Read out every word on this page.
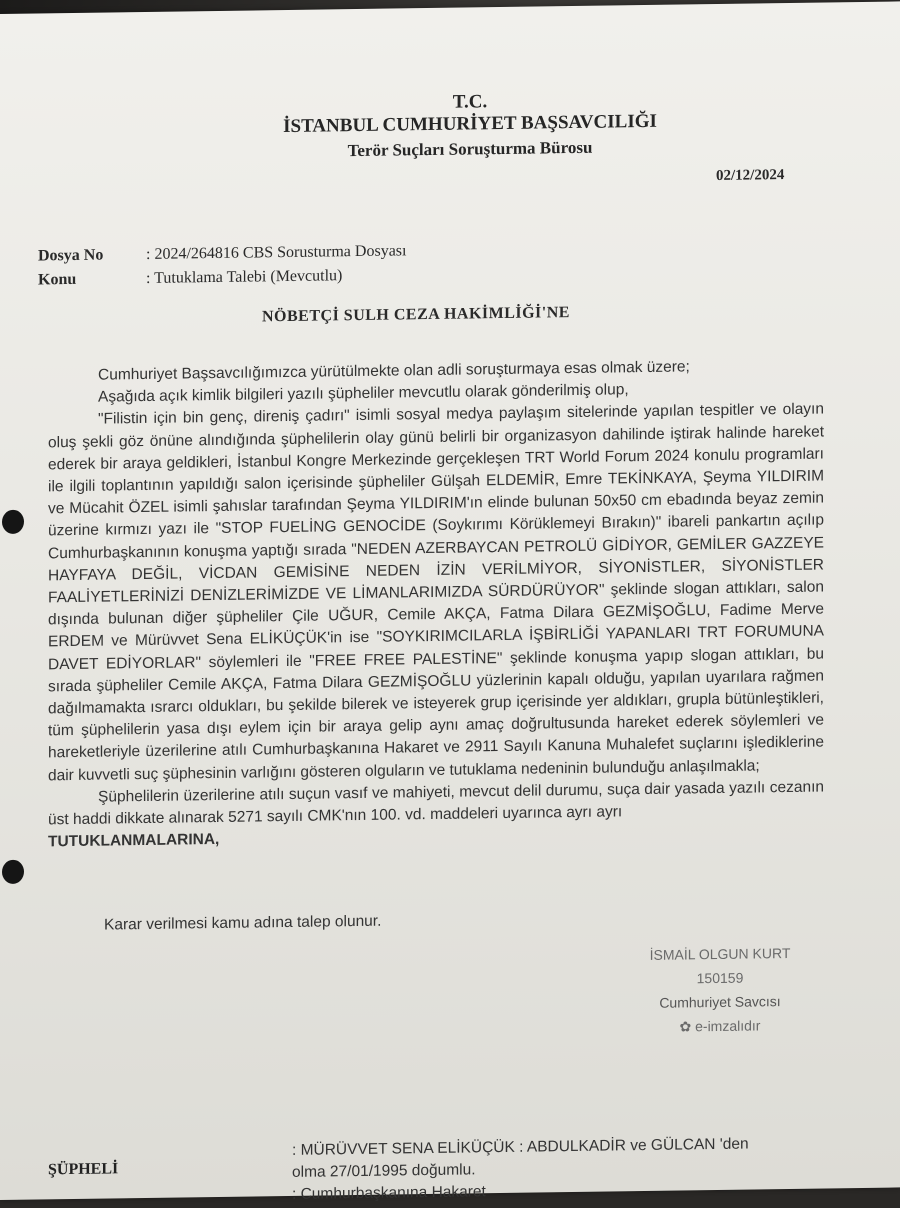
T.C.
İSTANBUL CUMHURİYET BAŞSAVCILIĞI
Terör Suçları Soruşturma Bürosu
02/12/2024
Dosya No	: 2024/264816 CBS Sorusturma Dosyası
Konu	: Tutuklama Talebi (Mevcutlu)
NÖBETÇİ SULH CEZA HAKİMLİĞİ'NE

Cumhuriyet Başsavcılığımızca yürütülmekte olan adli soruşturmaya esas olmak üzere;

Aşağıda açık kimlik bilgileri yazılı şüpheliler mevcutlu olarak gönderilmiş olup,

"Filistin için bin genç, direniş çadırı" isimli sosyal medya paylaşım sitelerinde yapılan tespitler ve olayın oluş şekli göz önüne alındığında şüphelilerin olay günü belirli bir organizasyon dahilinde iştirak halinde hareket ederek bir araya geldikleri, İstanbul Kongre Merkezinde gerçekleşen TRT World Forum 2024 konulu programları ile ilgili toplantının yapıldığı salon içerisinde şüpheliler Gülşah ELDEMİR, Emre TEKİNKAYA, Şeyma YILDIRIM ve Mücahit ÖZEL isimli şahıslar tarafından Şeyma YILDIRIM'ın elinde bulunan 50x50 cm ebadında beyaz zemin üzerine kırmızı yazı ile "STOP FUELİNG GENOCİDE (Soykırımı Körüklemeyi Bırakın)" ibareli pankartın açılıp Cumhurbaşkanının konuşma yaptığı sırada "NEDEN AZERBAYCAN PETROLÜ GİDİYOR, GEMİLER GAZZEYE HAYFAYA DEĞİL, VİCDAN GEMİSİNE NEDEN İZİN VERİLMİYOR, SİYONİSTLER, SİYONİSTLER FAALİYETLERİNİZİ DENİZLERİMİZDE VE LİMANLARIMIZDA SÜRDÜRÜYOR" şeklinde slogan attıkları, salon dışında bulunan diğer şüpheliler Çile UĞUR, Cemile AKÇA, Fatma Dilara GEZMİŞOĞLU, Fadime Merve ERDEM ve Mürüvvet Sena ELİKÜÇÜK'in ise "SOYKIRIMCILARLA İŞBİRLİĞİ YAPANLARI TRT FORUMUNA DAVET EDİYORLAR" söylemleri ile "FREE FREE PALESTİNE" şeklinde konuşma yapıp slogan attıkları, bu sırada şüpheliler Cemile AKÇA, Fatma Dilara GEZMİŞOĞLU yüzlerinin kapalı olduğu, yapılan uyarılara rağmen dağılmamakta ısrarcı oldukları, bu şekilde bilerek ve isteyerek grup içerisinde yer aldıkları, grupla bütünleştikleri, tüm şüphelilerin yasa dışı eylem için bir araya gelip aynı amaç doğrultusunda hareket ederek söylemleri ve hareketleriyle üzerilerine atılı Cumhurbaşkanına Hakaret ve 2911 Sayılı Kanuna Muhalefet suçlarını işlediklerine dair kuvvetli suç şüphesinin varlığını gösteren olguların ve tutuklama nedeninin bulunduğu anlaşılmakla;

Şüphelilerin üzerilerine atılı suçun vasıf ve mahiyeti, mevcut delil durumu, suça dair yasada yazılı cezanın üst haddi dikkate alınarak 5271 sayılı CMK'nın 100. vd. maddeleri uyarınca ayrı ayrı

TUTUKLANMALARINA,

Karar verilmesi kamu adına talep olunur.
İSMAİL OLGUN KURT
150159
Cumhuriyet Savcısı
✿ e-imzalıdır
ŞÜPHELİ
: MÜRÜVVET SENA ELİKÜÇÜK : ABDULKADİR ve GÜLCAN 'den
olma 27/01/1995 doğumlu.
: Cumhurbaşkanına Hakaret
